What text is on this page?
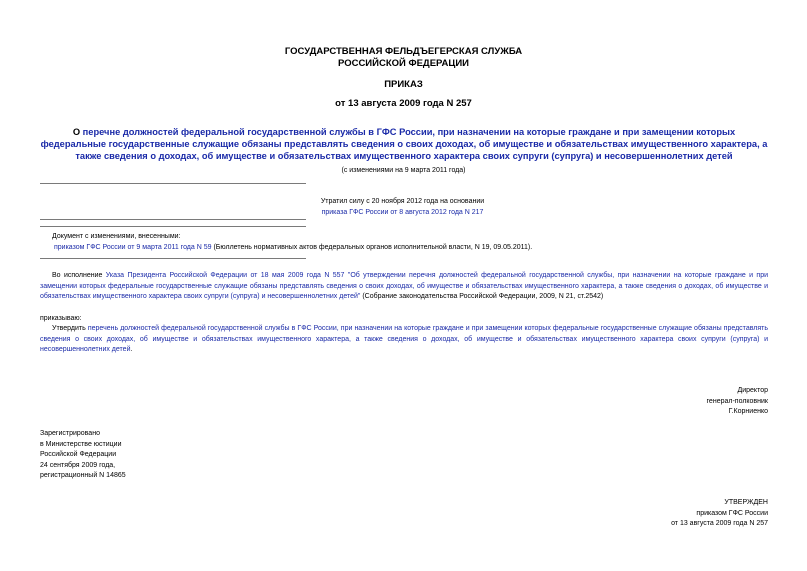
ГОСУДАРСТВЕННАЯ ФЕЛЬДЪЕГЕРСКАЯ СЛУЖБА
РОССИЙСКОЙ ФЕДЕРАЦИИ
ПРИКАЗ
от 13 августа 2009 года N 257
О перечне должностей федеральной государственной службы в ГФС России, при назначении на которые граждане и при замещении которых федеральные государственные служащие обязаны представлять сведения о своих доходах, об имуществе и обязательствах имущественного характера, а также сведения о доходах, об имуществе и обязательствах имущественного характера своих супруги (супруга) и несовершеннолетних детей
(с изменениями на 9 марта 2011 года)
Утратил силу с 20 ноября 2012 года на основании
приказа ГФС России от 8 августа 2012 года N 217
Документ с изменениями, внесенными:
приказом ГФС России от 9 марта 2011 года N 59 (Бюллетень нормативных актов федеральных органов исполнительной власти, N 19, 09.05.2011).
Во исполнение Указа Президента Российской Федерации от 18 мая 2009 года N 557 "Об утверждении перечня должностей федеральной государственной службы, при назначении на которые граждане и при замещении которых федеральные государственные служащие обязаны представлять сведения о своих доходах, об имуществе и обязательствах имущественного характера, а также сведения о доходах, об имуществе и обязательствах имущественного характера своих супруги (супруга) и несовершеннолетних детей" (Собрание законодательства Российской Федерации, 2009, N 21, ст.2542)
приказываю:
Утвердить перечень должностей федеральной государственной службы в ГФС России, при назначении на которые граждане и при замещении которых федеральные государственные служащие обязаны представлять сведения о своих доходах, об имуществе и обязательствах имущественного характера, а также сведения о доходах, об имуществе и обязательствах имущественного характера своих супруги (супруга) и несовершеннолетних детей.
Директор
генерал-полковник
Г.Корниенко
Зарегистрировано
в Министерстве юстиции
Российской Федерации
24 сентября 2009 года,
регистрационный N 14865
УТВЕРЖДЕН
приказом ГФС России
от 13 августа 2009 года N 257
